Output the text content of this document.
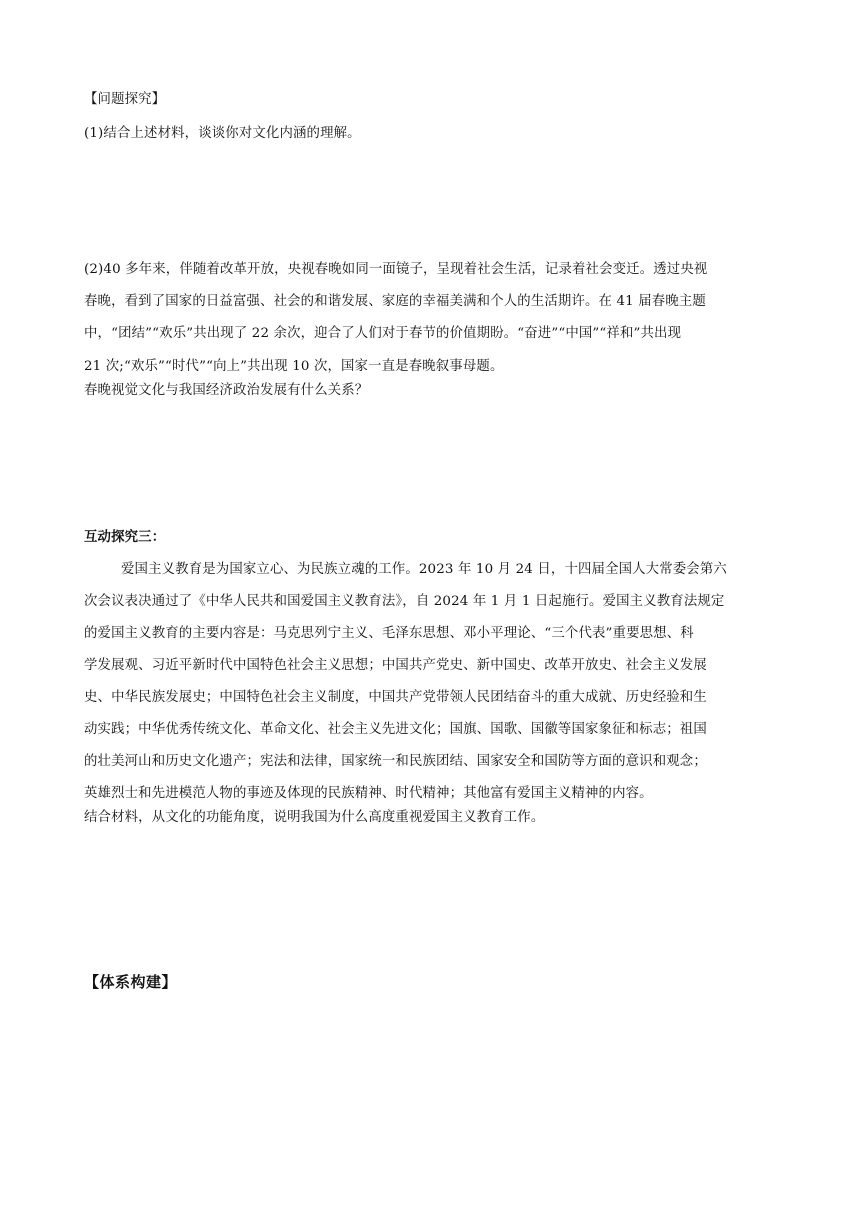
【问题探究】
(1)结合上述材料，谈谈你对文化内涵的理解。
(2)40 多年来，伴随着改革开放，央视春晚如同一面镜子，呈现着社会生活，记录着社会变迁。透过央视
春晚，看到了国家的日益富强、社会的和谐发展、家庭的幸福美满和个人的生活期许。在 41 届春晚主题
中，“团结”“欢乐”共出现了 22 余次，迎合了人们对于春节的价值期盼。“奋进”“中国”“祥和”共出现
21 次;“欢乐”“时代”“向上”共出现 10 次，国家一直是春晚叙事母题。
春晚视觉文化与我国经济政治发展有什么关系？
互动探究三：
爱国主义教育是为国家立心、为民族立魂的工作。2023 年 10 月 24 日，十四届全国人大常委会第六
次会议表决通过了《中华人民共和国爱国主义教育法》，自 2024 年 1 月 1 日起施行。爱国主义教育法规定
的爱国主义教育的主要内容是：马克思列宁主义、毛泽东思想、邓小平理论、“三个代表”重要思想、科
学发展观、习近平新时代中国特色社会主义思想；中国共产党史、新中国史、改革开放史、社会主义发展
史、中华民族发展史；中国特色社会主义制度，中国共产党带领人民团结奋斗的重大成就、历史经验和生
动实践；中华优秀传统文化、革命文化、社会主义先进文化；国旗、国歌、国徽等国家象征和标志；祖国
的壮美河山和历史文化遗产；宪法和法律，国家统一和民族团结、国家安全和国防等方面的意识和观念；
英雄烈士和先进模范人物的事迹及体现的民族精神、时代精神；其他富有爱国主义精神的内容。
结合材料，从文化的功能角度，说明我国为什么高度重视爱国主义教育工作。
【体系构建】
